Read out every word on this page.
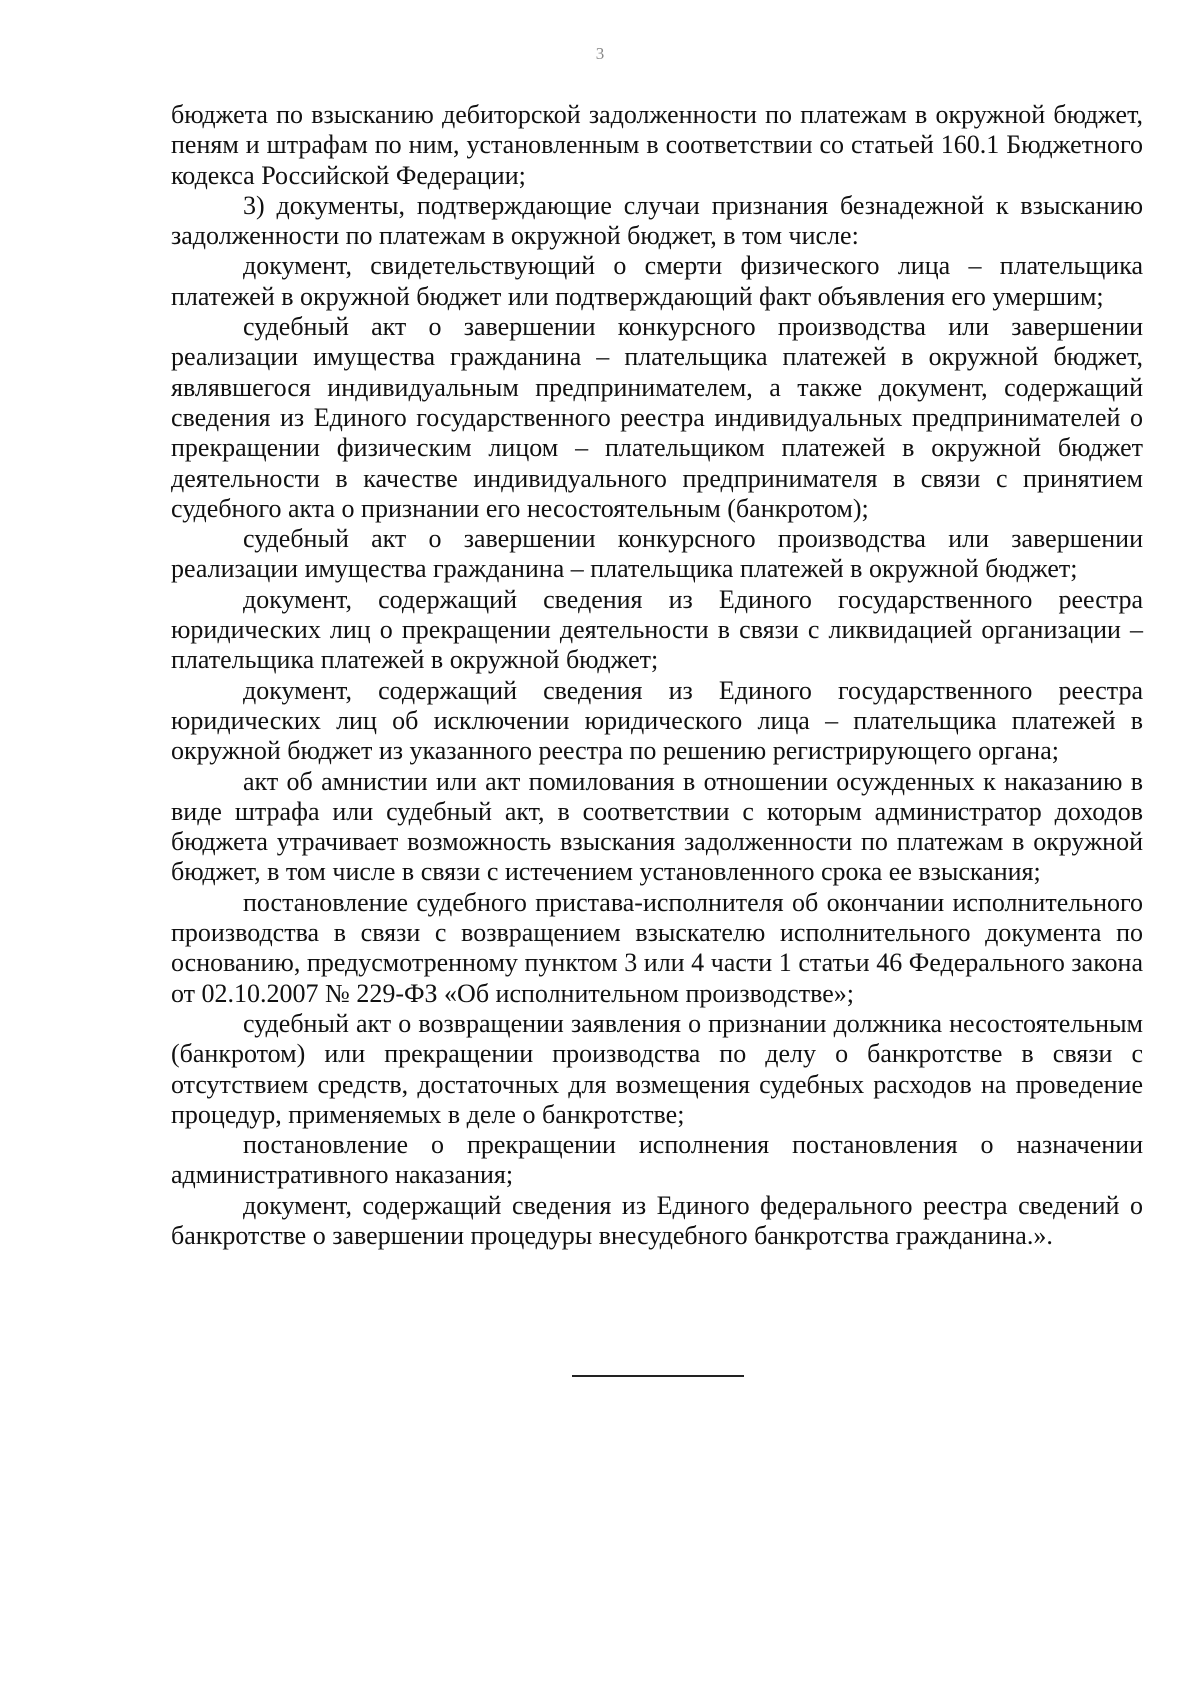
3

бюджета по взысканию дебиторской задолженности по платежам в окружной бюджет, пеням и штрафам по ним, установленным в соответствии со статьей 160.1 Бюджетного кодекса Российской Федерации;

3) документы, подтверждающие случаи признания безнадежной к взысканию задолженности по платежам в окружной бюджет, в том числе:

документ, свидетельствующий о смерти физического лица – плательщика платежей в окружной бюджет или подтверждающий факт объявления его умершим;

судебный акт о завершении конкурсного производства или завершении реализации имущества гражданина – плательщика платежей в окружной бюджет, являвшегося индивидуальным предпринимателем, а также документ, содержащий сведения из Единого государственного реестра индивидуальных предпринимателей о прекращении физическим лицом – плательщиком платежей в окружной бюджет деятельности в качестве индивидуального предпринимателя в связи с принятием судебного акта о признании его несостоятельным (банкротом);

судебный акт о завершении конкурсного производства или завершении реализации имущества гражданина – плательщика платежей в окружной бюджет;

документ, содержащий сведения из Единого государственного реестра юридических лиц о прекращении деятельности в связи с ликвидацией организации – плательщика платежей в окружной бюджет;

документ, содержащий сведения из Единого государственного реестра юридических лиц об исключении юридического лица – плательщика платежей в окружной бюджет из указанного реестра по решению регистрирующего органа;

акт об амнистии или акт помилования в отношении осужденных к наказанию в виде штрафа или судебный акт, в соответствии с которым администратор доходов бюджета утрачивает возможность взыскания задолженности по платежам в окружной бюджет, в том числе в связи с истечением установленного срока ее взыскания;

постановление судебного пристава-исполнителя об окончании исполнительного производства в связи с возвращением взыскателю исполнительного документа по основанию, предусмотренному пунктом 3 или 4 части 1 статьи 46 Федерального закона от 02.10.2007 № 229-ФЗ «Об исполнительном производстве»;

судебный акт о возвращении заявления о признании должника несостоятельным (банкротом) или прекращении производства по делу о банкротстве в связи с отсутствием средств, достаточных для возмещения судебных расходов на проведение процедур, применяемых в деле о банкротстве;

постановление о прекращении исполнения постановления о назначении административного наказания;

документ, содержащий сведения из Единого федерального реестра сведений о банкротстве о завершении процедуры внесудебного банкротства гражданина.».
